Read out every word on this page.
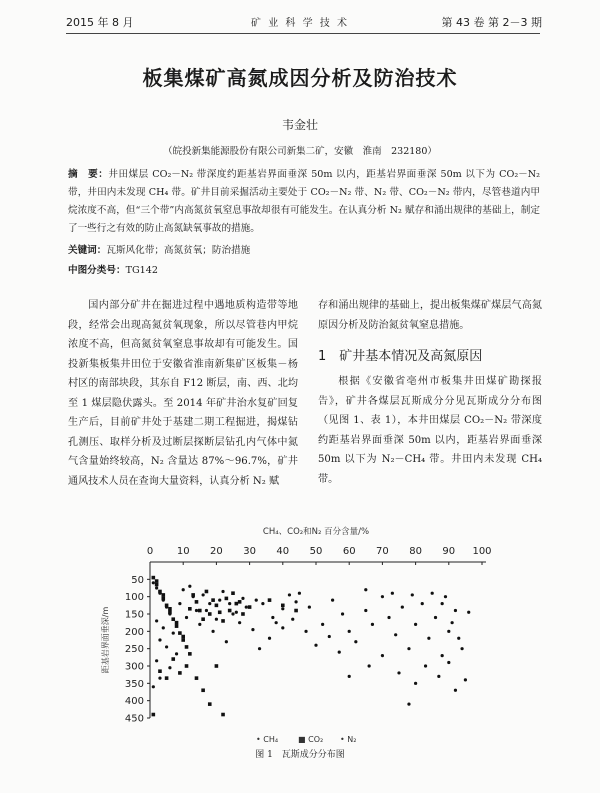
2015 年 8 月	矿 业 科 学 技 术	第 43 卷 第 2－3 期
板集煤矿高氮成因分析及防治技术
韦金壮
（皖投新集能源股份有限公司新集二矿，安徽　淮南　232180）
摘　要：井田煤层 CO₂－N₂ 带深度约距基岩界面垂深 50m 以内，距基岩界面垂深 50m 以下为 CO₂－N₂ 带，井田内未发现 CH₄ 带。矿井目前采掘活动主要处于 CO₂－N₂ 带、N₂ 带、CO₂－N₂ 带内，尽管巷道内甲烷浓度不高，但“三个带”内高氮贫氧窒息事故却很有可能发生。在认真分析 N₂ 赋存和涌出规律的基础上，制定了一些行之有效的防止高氮缺氧事故的措施。
关键词：瓦斯风化带；高氮贫氧；防治措施
中图分类号：TG142
国内部分矿井在掘进过程中遇地质构造带等地段，经常会出现高氮贫氧现象，所以尽管巷内甲烷浓度不高，但高氮贫氧窒息事故却有可能发生。国投新集板集井田位于安徽省淮南新集矿区板集－杨村区的南部块段，其东自 F12 断层，南、西、北均至 1 煤层隐伏露头。至 2014 年矿井治水复矿回复生产后，目前矿井处于基建二期工程掘进，揭煤钻孔测压、取样分析及过断层探断层钻孔内气体中氮气含量始终较高，N₂ 含量达 87%～96.7%，矿井通风技术人员在查询大量资料，认真分析 N₂ 赋
存和涌出规律的基础上，提出板集煤矿煤层气高氮原因分析及防治氮贫氧窒息措施。
1　矿井基本情况及高氮原因
根据《安徽省亳州市板集井田煤矿勘探报告》，矿井各煤层瓦斯成分分见瓦斯成分分布图（见图 1、表 1），本井田煤层 CO₂－N₂ 带深度约距基岩界面垂深 50m 以内，距基岩界面垂深 50m 以下为 N₂－CH₄ 带。井田内未发现 CH₄ 带。
CH₄、CO₂和N₂ 百分含量/%
距基岩界面垂深/m
0 10 20 30 40 50 60 70 80 90 100
50
100
150
200
250
300
350
400
450
• CH₄ ■ CO₂ • N₂
图 1　瓦斯成分分布图
